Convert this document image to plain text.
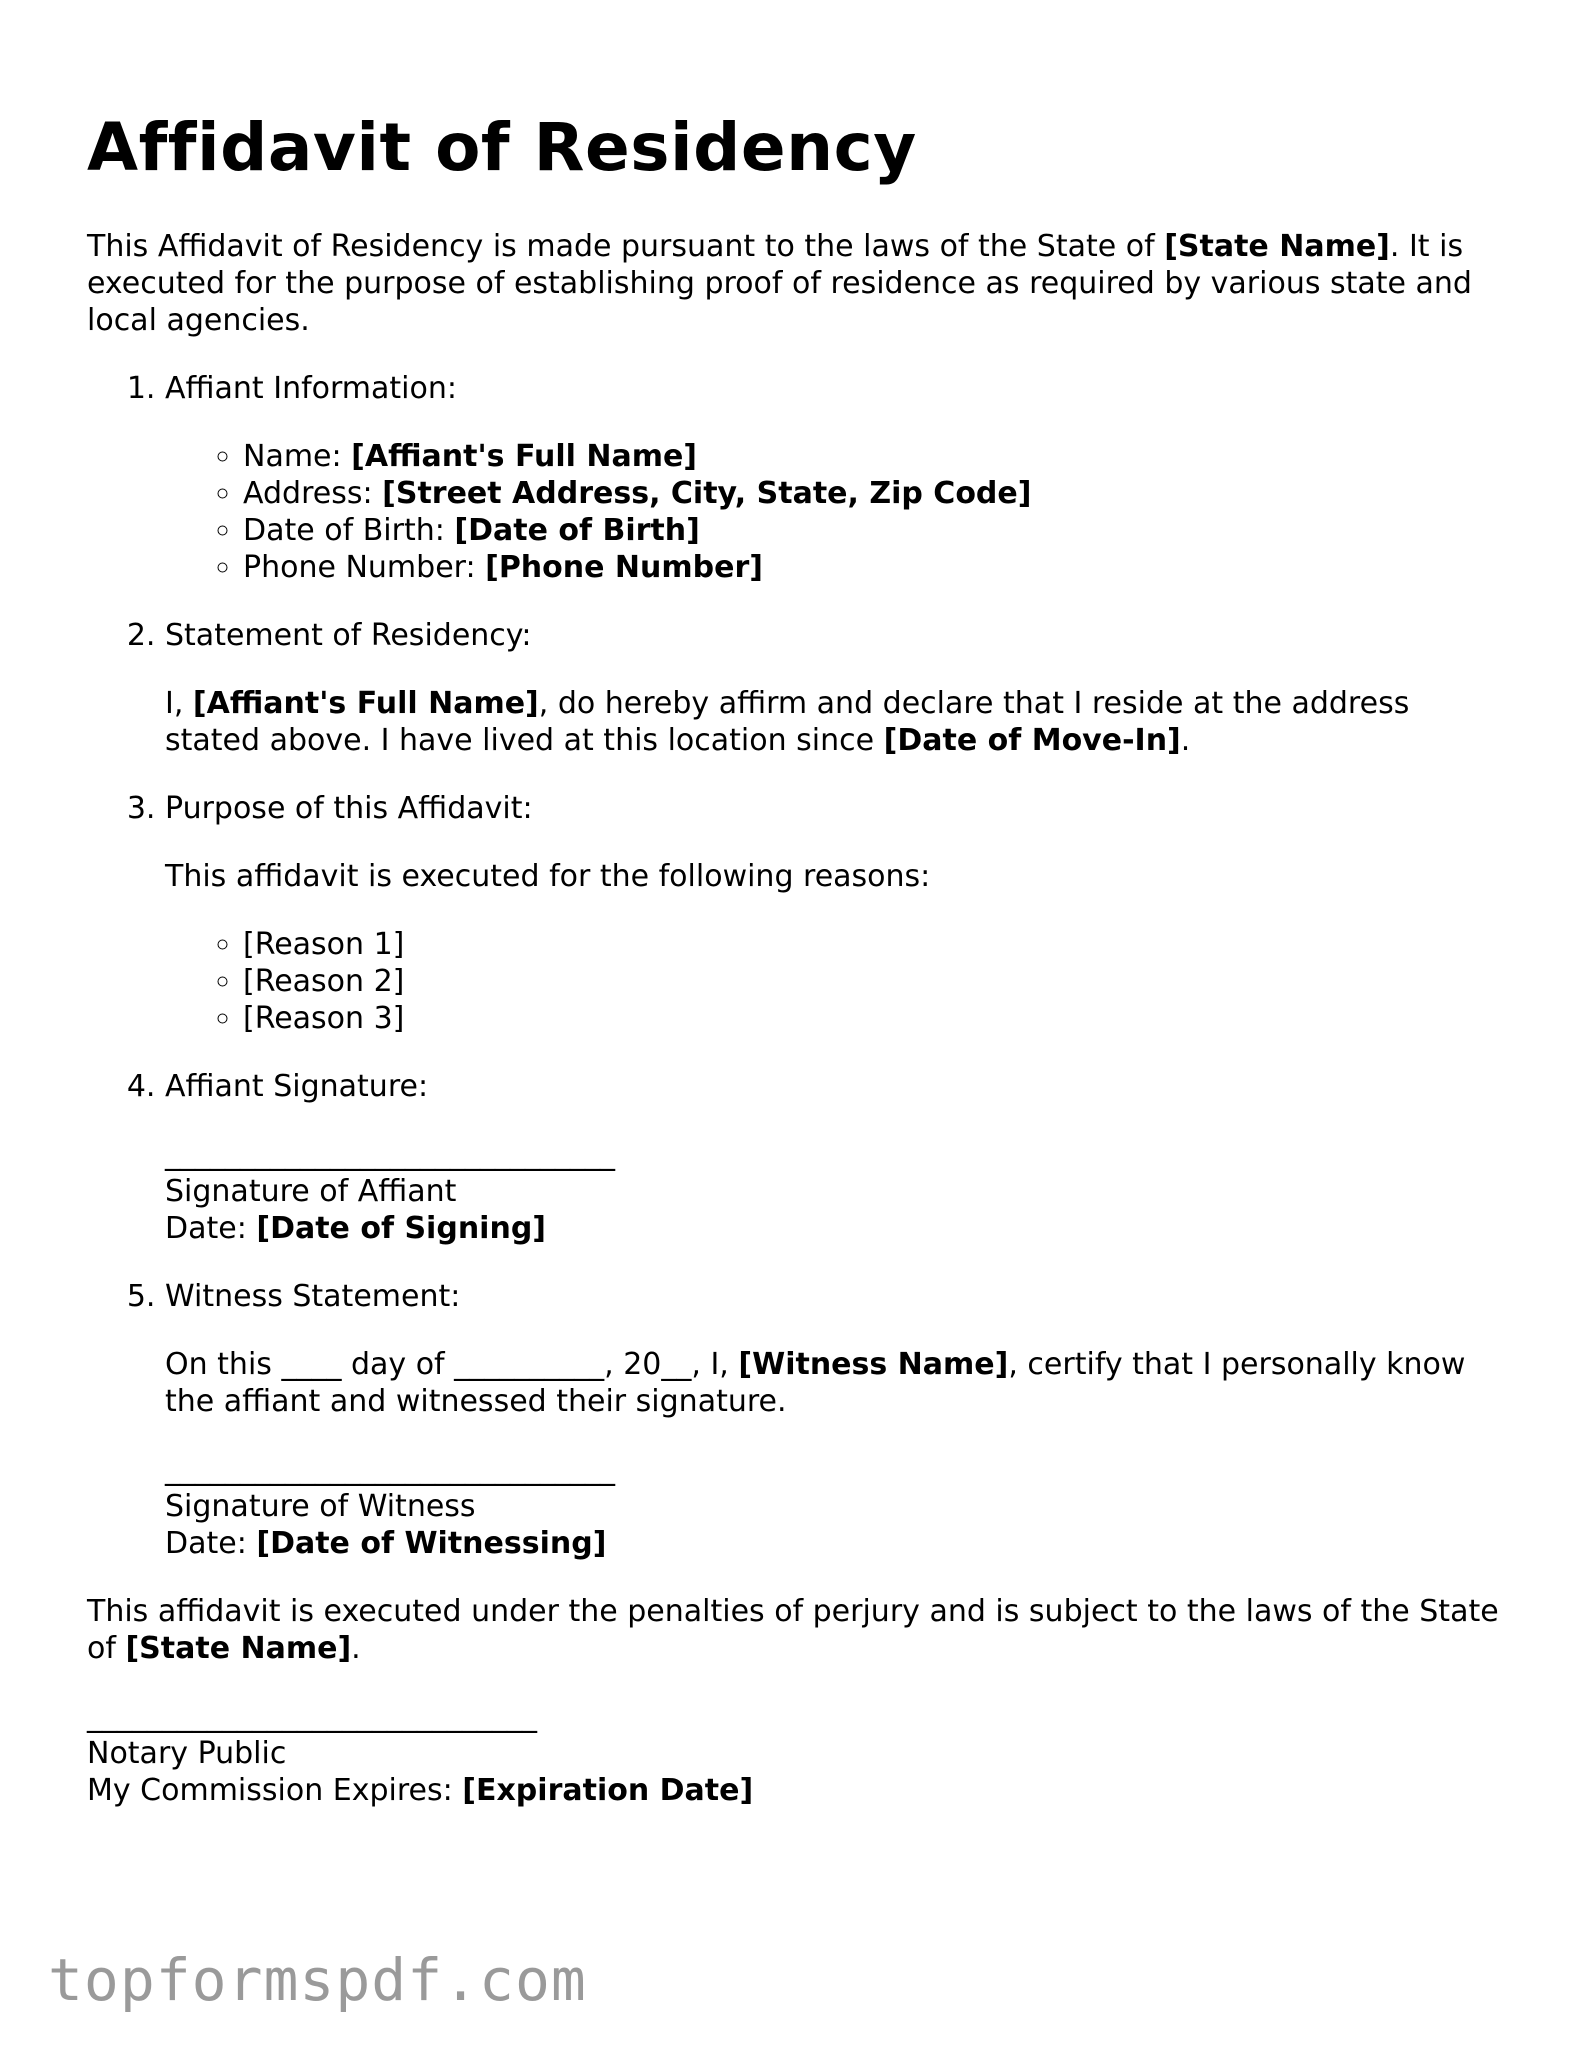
Affidavit of Residency

This Affidavit of Residency is made pursuant to the laws of the State of [State Name]. It is executed for the purpose of establishing proof of residence as required by various state and local agencies.

1. Affiant Information:
◦ Name: [Affiant's Full Name]
◦ Address: [Street Address, City, State, Zip Code]
◦ Date of Birth: [Date of Birth]
◦ Phone Number: [Phone Number]
2. Statement of Residency:

I, [Affiant's Full Name], do hereby affirm and declare that I reside at the address stated above. I have lived at this location since [Date of Move-In].

3. Purpose of this Affidavit:

This affidavit is executed for the following reasons:

◦ [Reason 1]
◦ [Reason 2]
◦ [Reason 3]
4. Affiant Signature:
______________________________
Signature of Affiant
Date: [Date of Signing]
5. Witness Statement:

On this ____ day of __________, 20__, I, [Witness Name], certify that I personally know the affiant and witnessed their signature.

______________________________
Signature of Witness
Date: [Date of Witnessing]

This affidavit is executed under the penalties of perjury and is subject to the laws of the State of [State Name].

______________________________
Notary Public
My Commission Expires: [Expiration Date]
topformspdf.com
